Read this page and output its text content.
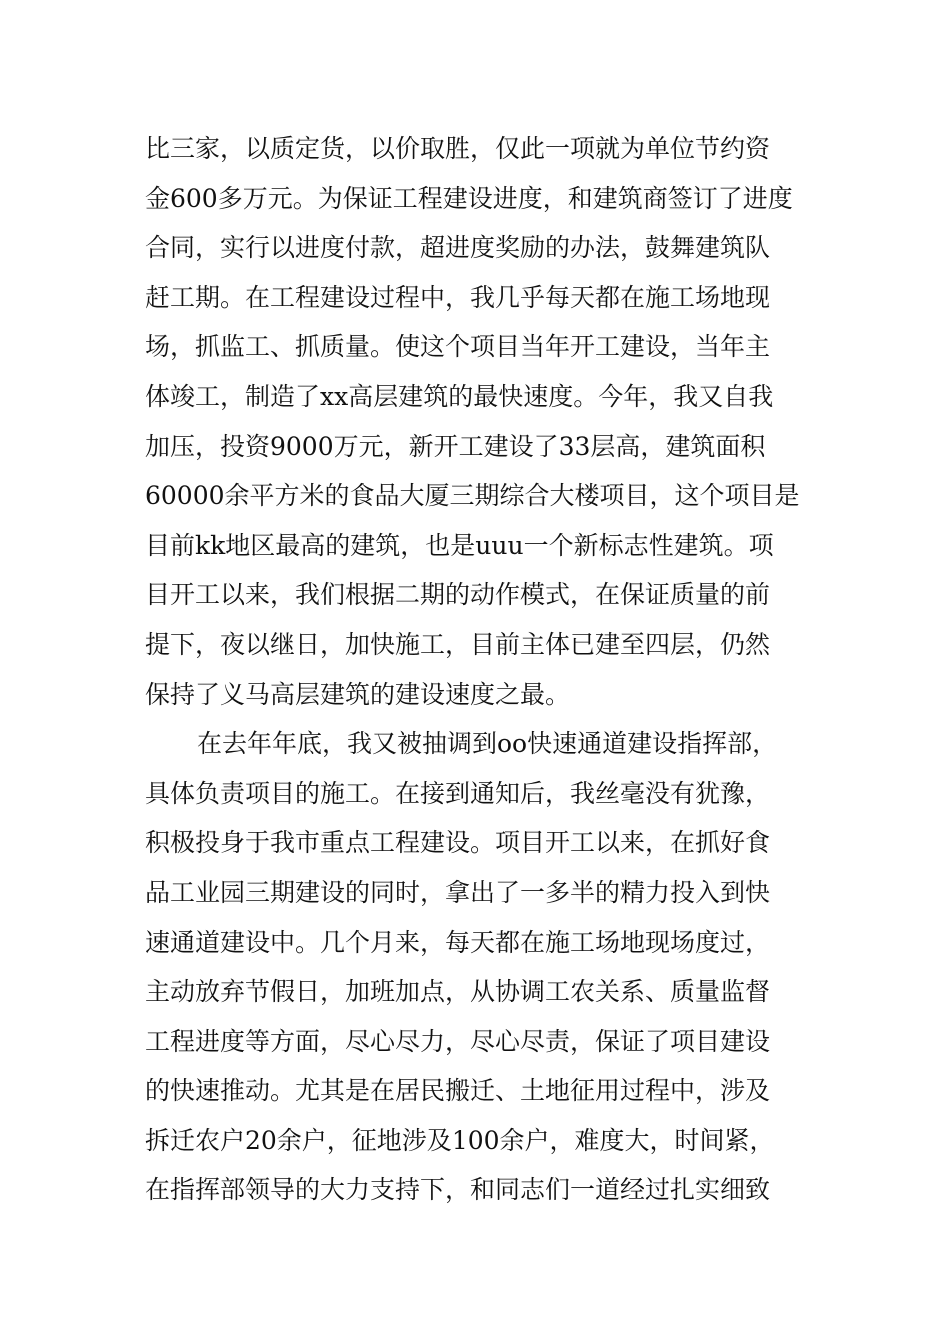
比三家，以质定货，以价取胜，仅此一项就为单位节约资
金600多万元。为保证工程建设进度，和建筑商签订了进度
合同，实行以进度付款，超进度奖励的办法，鼓舞建筑队
赶工期。在工程建设过程中，我几乎每天都在施工场地现
场，抓监工、抓质量。使这个项目当年开工建设，当年主
体竣工，制造了xx高层建筑的最快速度。今年，我又自我
加压，投资9000万元，新开工建设了33层高，建筑面积
60000余平方米的食品大厦三期综合大楼项目，这个项目是
目前kk地区最高的建筑，也是uuu一个新标志性建筑。项
目开工以来，我们根据二期的动作模式，在保证质量的前
提下，夜以继日，加快施工，目前主体已建至四层，仍然
保持了义马高层建筑的建设速度之最。
在去年年底，我又被抽调到oo快速通道建设指挥部，
具体负责项目的施工。在接到通知后，我丝毫没有犹豫，
积极投身于我市重点工程建设。项目开工以来，在抓好食
品工业园三期建设的同时，拿出了一多半的精力投入到快
速通道建设中。几个月来，每天都在施工场地现场度过，
主动放弃节假日，加班加点，从协调工农关系、质量监督
工程进度等方面，尽心尽力，尽心尽责，保证了项目建设
的快速推动。尤其是在居民搬迁、土地征用过程中，涉及
拆迁农户20余户，征地涉及100余户，难度大，时间紧，
在指挥部领导的大力支持下，和同志们一道经过扎实细致
